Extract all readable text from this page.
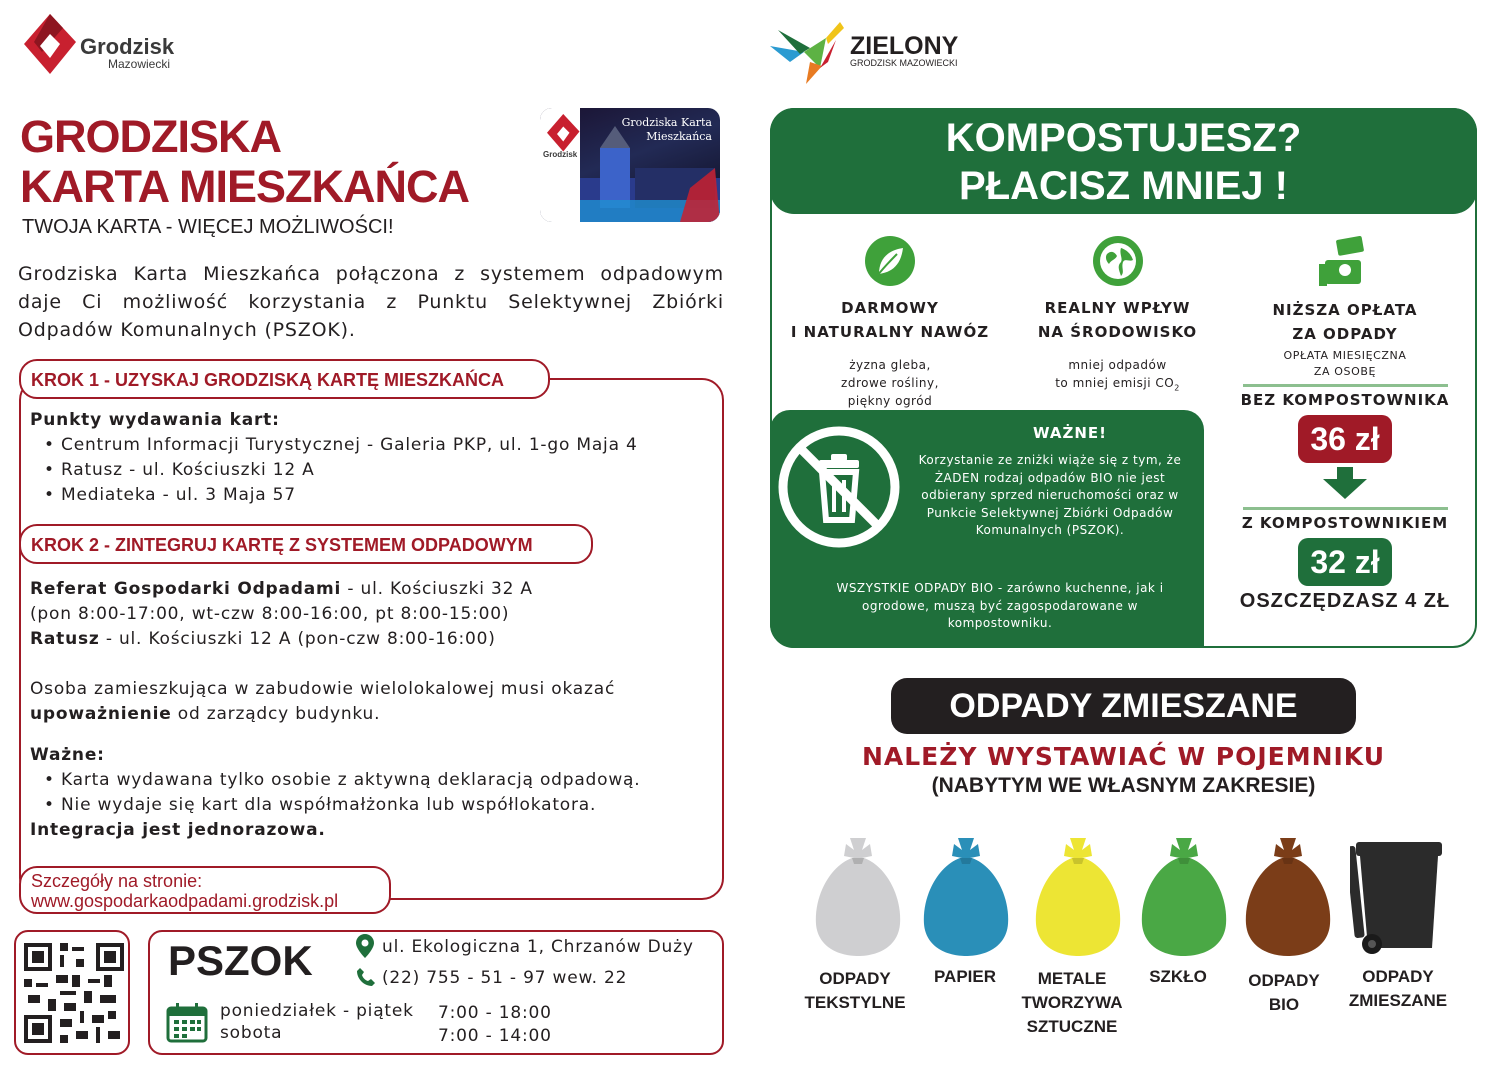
Grodzisk
Mazowiecki
GRODZISKA
KARTA MIESZKAŃCA
TWOJA KARTA - WIĘCEJ MOŻLIWOŚCI!
Grodzisk
Grodziska Karta
Mieszkańca
Grodziska Karta Mieszkańca połączona z systemem odpadowym daje Ci możliwość korzystania z Punktu Selektywnej Zbiórki Odpadów Komunalnych (PSZOK).
KROK 1 - UZYSKAJ GRODZISKĄ KARTĘ MIESZKAŃCA
Punkty wydawania kart:
• Centrum Informacji Turystycznej - Galeria PKP, ul. 1-go Maja 4
• Ratusz - ul. Kościuszki 12 A
• Mediateka - ul. 3 Maja 57
KROK 2 - ZINTEGRUJ KARTĘ Z SYSTEMEM ODPADOWYM
Referat Gospodarki Odpadami - ul. Kościuszki 32 A
(pon 8:00-17:00, wt-czw 8:00-16:00, pt 8:00-15:00)
Ratusz - ul. Kościuszki 12 A (pon-czw 8:00-16:00)
Osoba zamieszkująca w zabudowie wielolokalowej musi okazać
upoważnienie od zarządcy budynku.
Ważne:
• Karta wydawana tylko osobie z aktywną deklaracją odpadową.
• Nie wydaje się kart dla współmałżonka lub współlokatora.
Integracja jest jednorazowa.
Szczegóły na stronie:
www.gospodarkaodpadami.grodzisk.pl
PSZOK	ul. Ekologiczna 1, Chrzanów Duży
(22) 755 - 51 - 97 wew. 22
poniedziałek - piątek
sobota
7:00 - 18:00
7:00 - 14:00
ZIELONY
GRODZISK MAZOWIECKI
KOMPOSTUJESZ?
PŁACISZ MNIEJ !
DARMOWY
I NATURALNY NAWÓZ
żyzna gleba,
zdrowe rośliny,
piękny ogród
REALNY WPŁYW
NA ŚRODOWISKO
mniej odpadów
to mniej emisji $CO_2$
NIŻSZA OPŁATA
ZA ODPADY
WAŻNE!
Korzystanie ze zniżki wiąże się z tym, że ŻADEN rodzaj odpadów BIO nie jest odbierany sprzed nieruchomości oraz w Punkcie Selektywnej Zbiórki Odpadów Komunalnych (PSZOK).
WSZYSTKIE ODPADY BIO - zarówno kuchenne, jak i ogrodowe, muszą być zagospodarowane w kompostowniku.
OPŁATA MIESIĘCZNA
ZA OSOBĘ
BEZ KOMPOSTOWNIKA
36 zł
Z KOMPOSTOWNIKIEM
32 zł
OSZCZĘDZASZ 4 ZŁ
ODPADY ZMIESZANE
NALEŻY WYSTAWIAĆ W POJEMNIKU
(NABYTYM WE WŁASNYM ZAKRESIE)
ODPADY
TEKSTYLNE
PAPIER	METALE
TWORZYWA
SZTUCZNE
SZKŁO	ODPADY
BIO
ODPADY
ZMIESZANE
